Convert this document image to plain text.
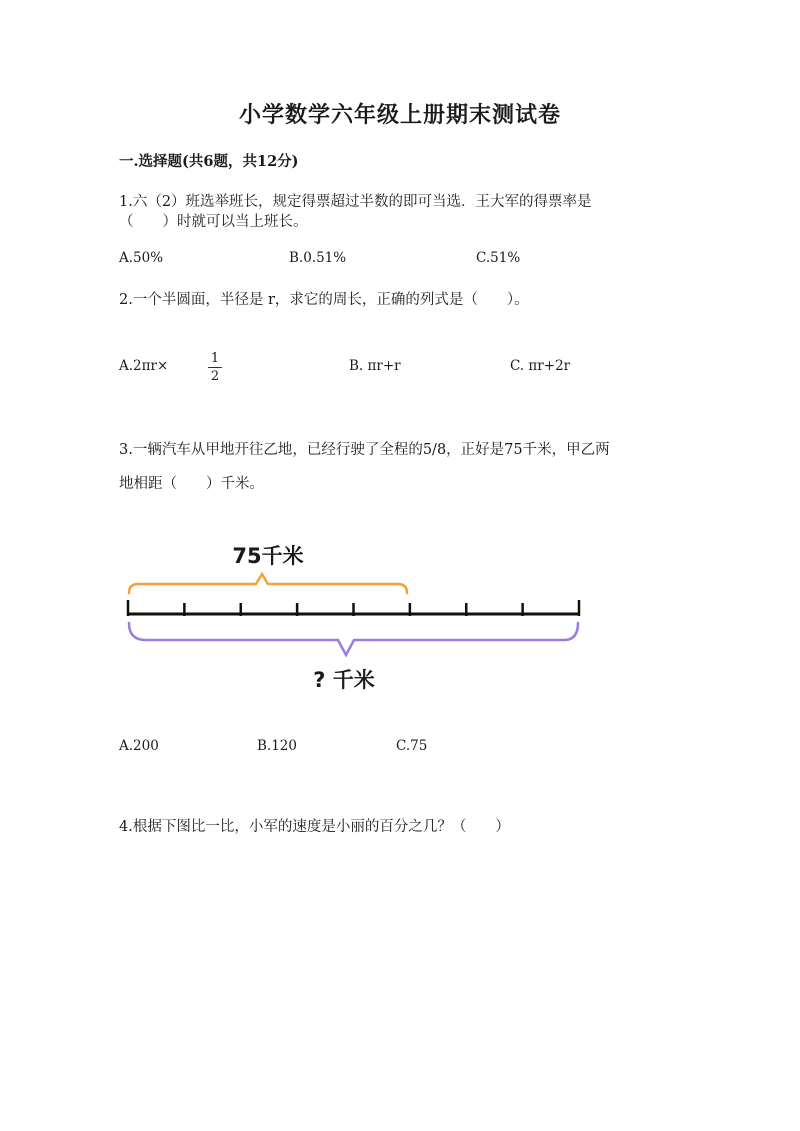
小学数学六年级上册期末测试卷
一.选择题(共6题，共12分)
1.六（2）班选举班长，规定得票超过半数的即可当选．王大军的得票率是
（　　）时就可以当上班长。
A.50%	B.0.51%	C.51%
2.一个半圆面，半径是 r，求它的周长，正确的列式是（　　）。
A.2πr×	1
2
B. πr+r	C. πr+2r
3.一辆汽车从甲地开往乙地，已经行驶了全程的5/8，正好是75千米，甲乙两
地相距（　　）千米。
75千米
? 千米
A.200	B.120	C.75
4.根据下图比一比，小军的速度是小丽的百分之几？（　　）
